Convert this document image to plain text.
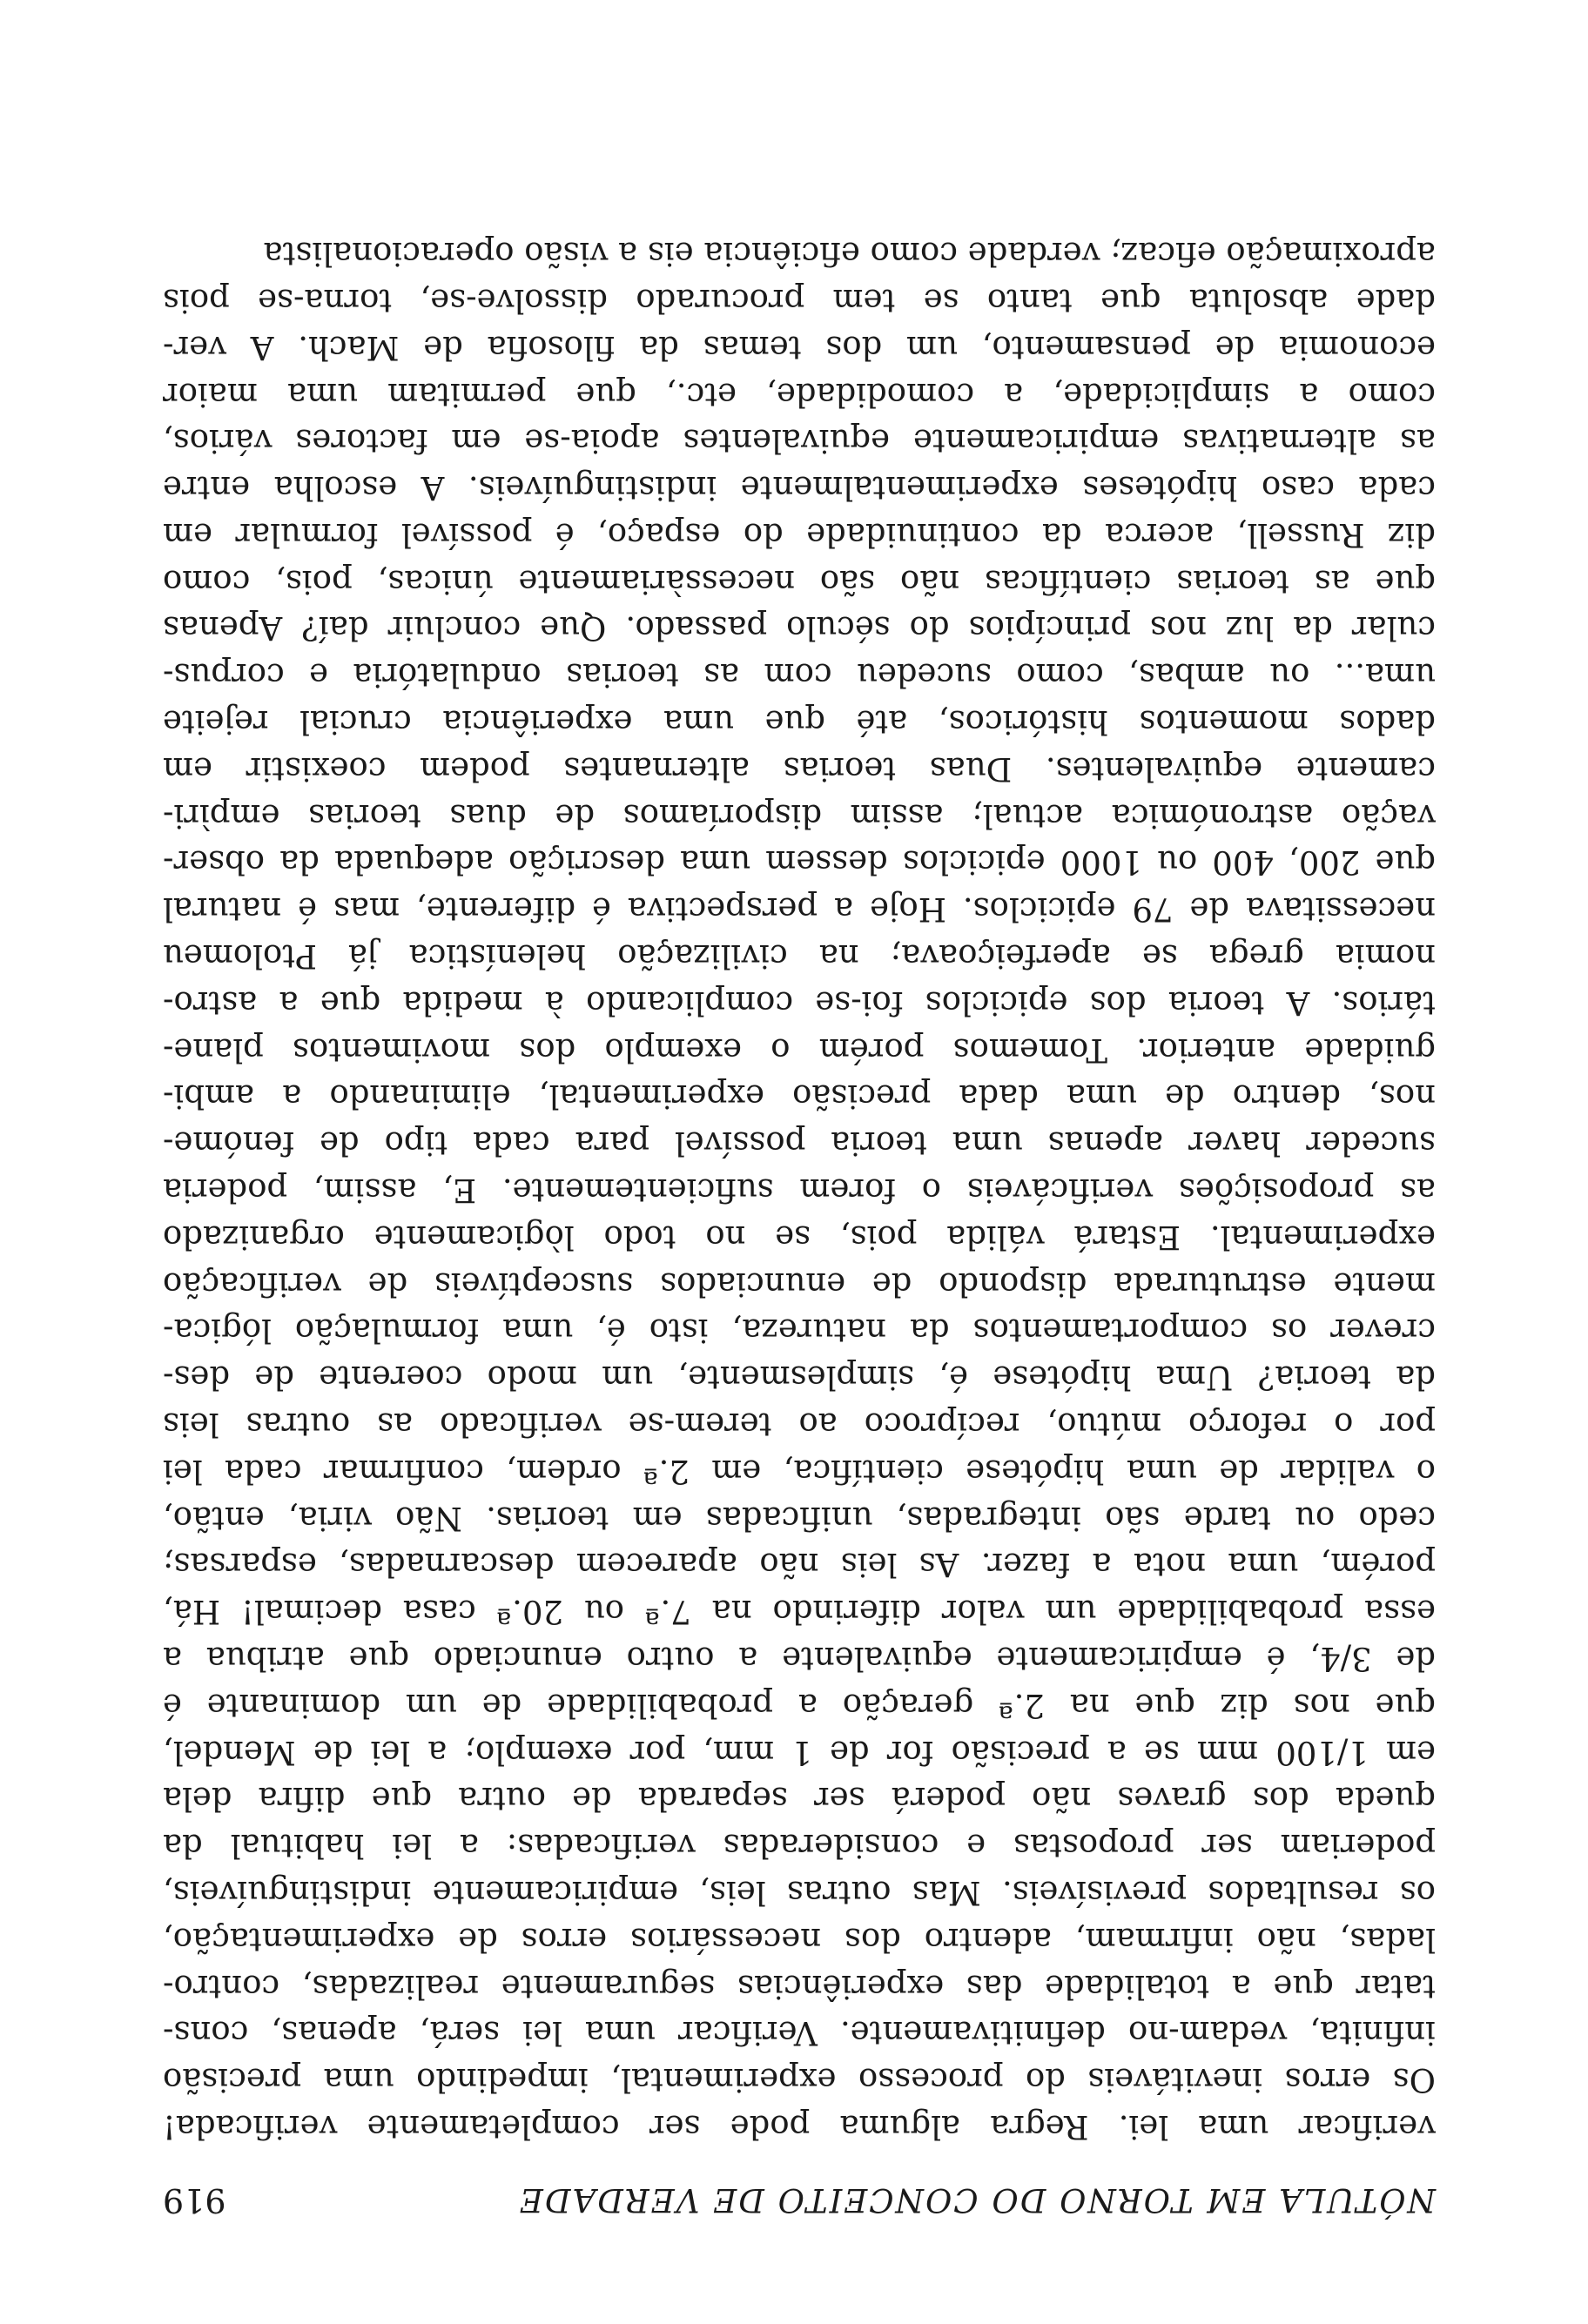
NÓTULA EM TORNO DO CONCEITO DE VERDADE
919
verificar uma lei. Regra alguma pode ser completamente verificada!
Os erros inevitáveis do processo experimental, impedindo uma precisão
infinita, vedam-no definitivamente. Verificar uma lei será, apenas, cons-
tatar que a totalidade das experiências seguramente realizadas, contro-
ladas, não infirmam, adentro dos necessários erros de experimentação,
os resultados previsíveis. Mas outras leis, empiricamente indistinguíveis,
poderiam ser propostas e consideradas verificadas: a lei habitual da
queda dos graves não poderá ser separada de outra que difira dela
em 1/100 mm se a precisão for de 1 mm, por exemplo; a lei de Mendel,
que nos diz que na 2.ª geração a probabilidade de um dominante é
de 3/4, é empiricamente equivalente a outro enunciado que atribua a
essa probabilidade um valor diferindo na 7.ª ou 20.ª casa decimal! Há,
porém, uma nota a fazer. As leis não aparecem descarnadas, esparsas;
cedo ou tarde são integradas, unificadas em teorias. Não viria, então,
o validar de uma hipótese científica, em 2.ª ordem, confirmar cada lei
por o reforço mútuo, recíproco ao terem-se verificado as outras leis
da teoria? Uma hipótese é, simplesmente, um modo coerente de des-
crever os comportamentos da natureza, isto é, uma formulação lógica-
mente estruturada dispondo de enunciados susceptíveis de verificação
experimental. Estará válida pois, se no todo lògicamente organizado
as proposições verificáveis o forem suficientemente. E, assim, poderia
suceder haver apenas uma teoria possível para cada tipo de fenóme-
nos, dentro de uma dada precisão experimental, eliminando a ambi-
guidade anterior. Tomemos porém o exemplo dos movimentos plane-
tários. A teoria dos epiciclos foi-se complicando à medida que a astro-
nomia grega se aperfeiçoava; na civilização helenística já Ptolomeu
necessitava de 79 epiciclos. Hoje a perspectiva é diferente, mas é natural
que 200, 400 ou 1000 epiciclos dessem uma descrição adequada da obser-
vação astronómica actual; assim disporíamos de duas teorias empìri-
camente equivalentes. Duas teorias alternantes podem coexistir em
dados momentos históricos, até que uma experiência crucial rejeite
uma... ou ambas, como sucedeu com as teorias ondulatória e corpus-
cular da luz nos princípios do século passado. Que concluir daí? Apenas
que as teorias científicas não são necessàriamente únicas, pois, como
diz Russell, acerca da continuidade do espaço, é possível formular em
cada caso hipóteses experimentalmente indistinguíveis. A escolha entre
as alternativas empiricamente equivalentes apoia-se em factores vários,
como a simplicidade, a comodidade, etc., que permitam uma maior
economia de pensamento, um dos temas da filosofia de Mach. A ver-
dade absoluta que tanto se tem procurado dissolve-se, torna-se pois
aproximação eficaz; verdade como eficiência eis a visão operacionalista
